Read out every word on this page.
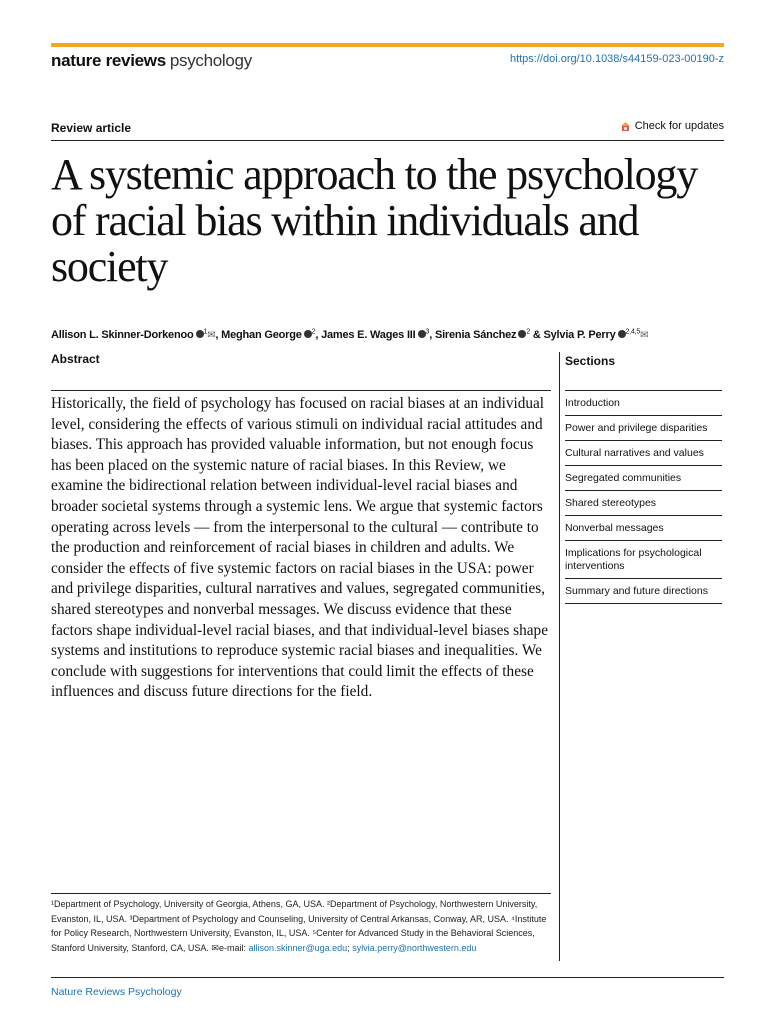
nature reviews psychology	https://doi.org/10.1038/s44159-023-00190-z
Review article	Check for updates
A systemic approach to the psychology of racial bias within individuals and society
Allison L. Skinner-Dorkenoo $^1$✉, Meghan George $^2$, James E. Wages III $^3$, Sirenia Sánchez $^2$ & Sylvia P. Perry $^{2,4,5}$✉
Abstract

Historically, the field of psychology has focused on racial biases at an individual level, considering the effects of various stimuli on individual racial attitudes and biases. This approach has provided valuable information, but not enough focus has been placed on the systemic nature of racial biases. In this Review, we examine the bidirectional relation between individual-level racial biases and broader societal systems through a systemic lens. We argue that systemic factors operating across levels — from the interpersonal to the cultural — contribute to the production and reinforcement of racial biases in children and adults. We consider the effects of five systemic factors on racial biases in the USA: power and privilege disparities, cultural narratives and values, segregated communities, shared stereotypes and nonverbal messages. We discuss evidence that these factors shape individual-level racial biases, and that individual-level biases shape systems and institutions to reproduce systemic racial biases and inequalities. We conclude with suggestions for interventions that could limit the effects of these influences and discuss future directions for the field.

Sections
Introduction
Power and privilege disparities
Cultural narratives and values
Segregated communities
Shared stereotypes
Nonverbal messages
Implications for psychological interventions
Summary and future directions

¹Department of Psychology, University of Georgia, Athens, GA, USA. ²Department of Psychology, Northwestern University, Evanston, IL, USA. ³Department of Psychology and Counseling, University of Central Arkansas, Conway, AR, USA. ⁴Institute for Policy Research, Northwestern University, Evanston, IL, USA. ⁵Center for Advanced Study in the Behavioral Sciences, Stanford University, Stanford, CA, USA. ✉e-mail: allison.skinner@uga.edu; sylvia.perry@northwestern.edu

Nature Reviews Psychology
